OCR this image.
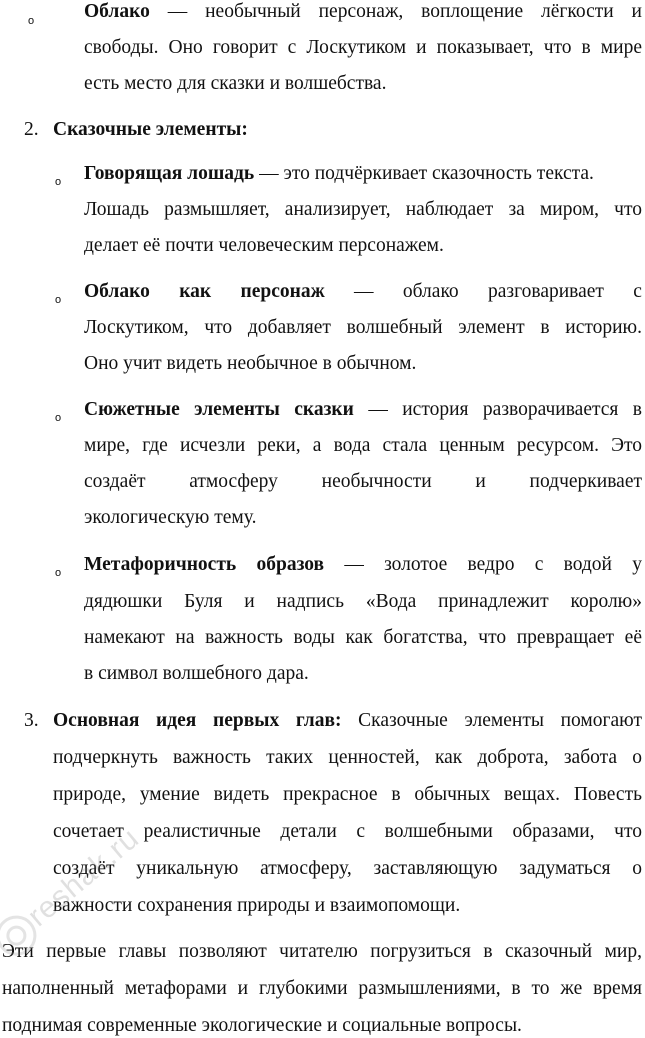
o	Облако — необычный персонаж, воплощение лёгкости и
свободы. Оно говорит с Лоскутиком и показывает, что в мире
есть место для сказки и волшебства.
2. Сказочные элементы:
o Говорящая лошадь — это подчёркивает сказочность текста.
Лошадь размышляет, анализирует, наблюдает за миром, что
делает её почти человеческим персонажем.
o Облако как персонаж — облако разговаривает с
Лоскутиком, что добавляет волшебный элемент в историю.
Оно учит видеть необычное в обычном.
o Сюжетные элементы сказки — история разворачивается в
мире, где исчезли реки, а вода стала ценным ресурсом. Это
создаёт атмосферу необычности и подчеркивает
экологическую тему.
o Метафоричность образов — золотое ведро с водой у
дядюшки Буля и надпись «Вода принадлежит королю»
намекают на важность воды как богатства, что превращает её
в символ волшебного дара.
3. Основная идея первых глав: Сказочные элементы помогают
подчеркнуть важность таких ценностей, как доброта, забота о
природе, умение видеть прекрасное в обычных вещах. Повесть
сочетает реалистичные детали с волшебными образами, что
создаёт уникальную атмосферу, заставляющую задуматься о
важности сохранения природы и взаимопомощи.
Эти первые главы позволяют читателю погрузиться в сказочный мир,
наполненный метафорами и глубокими размышлениями, в то же время
поднимая современные экологические и социальные вопросы.
reshak.ru
